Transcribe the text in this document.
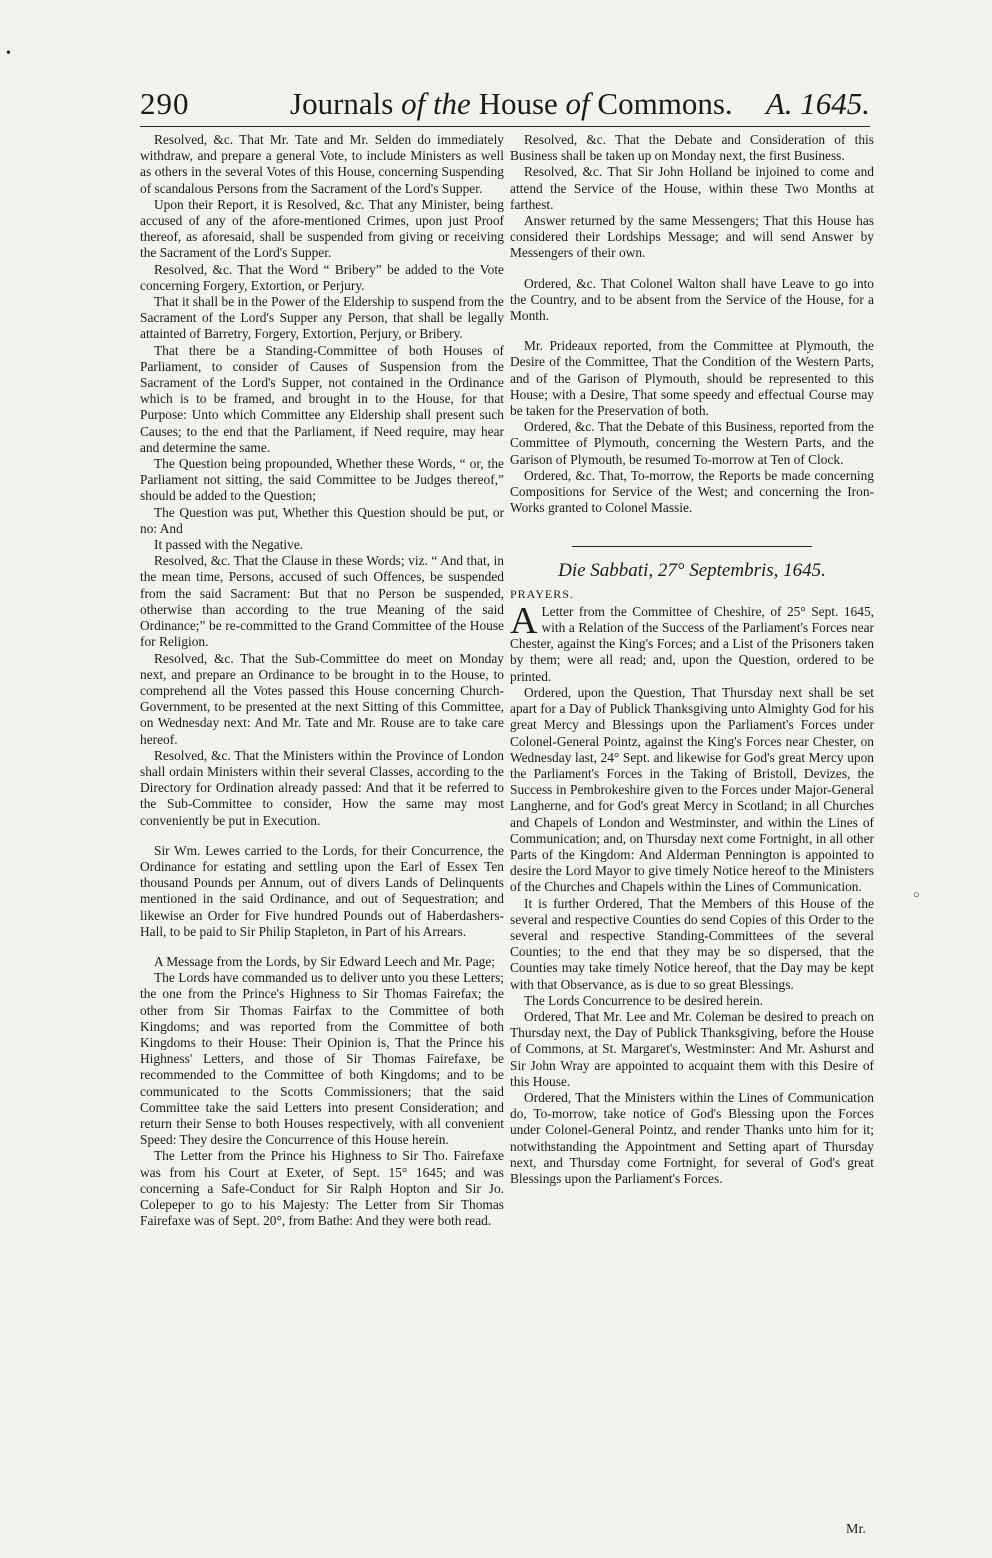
•
290	Journals of the House of Commons. A. 1645.

Resolved, &c. That Mr. Tate and Mr. Selden do immediately withdraw, and prepare a general Vote, to include Ministers as well as others in the several Votes of this House, concerning Suspending of scandalous Persons from the Sacrament of the Lord's Supper.

Upon their Report, it is Resolved, &c. That any Minister, being accused of any of the afore-mentioned Crimes, upon just Proof thereof, as aforesaid, shall be suspended from giving or receiving the Sacrament of the Lord's Supper.

Resolved, &c. That the Word “ Bribery” be added to the Vote concerning Forgery, Extortion, or Perjury.

That it shall be in the Power of the Eldership to suspend from the Sacrament of the Lord's Supper any Person, that shall be legally attainted of Barretry, Forgery, Extortion, Perjury, or Bribery.

That there be a Standing-Committee of both Houses of Parliament, to consider of Causes of Suspension from the Sacrament of the Lord's Supper, not contained in the Ordinance which is to be framed, and brought in to the House, for that Purpose: Unto which Committee any Eldership shall present such Causes; to the end that the Parliament, if Need require, may hear and determine the same.

The Question being propounded, Whether these Words, “ or, the Parliament not sitting, the said Committee to be Judges thereof,” should be added to the Question;

The Question was put, Whether this Question should be put, or no: And

It passed with the Negative.

Resolved, &c. That the Clause in these Words; viz. “ And that, in the mean time, Persons, accused of such Offences, be suspended from the said Sacrament: But that no Person be suspended, otherwise than according to the true Meaning of the said Ordinance;” be re-committed to the Grand Committee of the House for Religion.

Resolved, &c. That the Sub-Committee do meet on Monday next, and prepare an Ordinance to be brought in to the House, to comprehend all the Votes passed this House concerning Church-Government, to be presented at the next Sitting of this Committee, on Wednesday next: And Mr. Tate and Mr. Rouse are to take care hereof.

Resolved, &c. That the Ministers within the Province of London shall ordain Ministers within their several Classes, according to the Directory for Ordination already passed: And that it be referred to the Sub-Committee to consider, How the same may most conveniently be put in Execution.

Sir Wm. Lewes carried to the Lords, for their Concurrence, the Ordinance for estating and settling upon the Earl of Essex Ten thousand Pounds per Annum, out of divers Lands of Delinquents mentioned in the said Ordinance, and out of Sequestration; and likewise an Order for Five hundred Pounds out of Haberdashers-Hall, to be paid to Sir Philip Stapleton, in Part of his Arrears.

A Message from the Lords, by Sir Edward Leech and Mr. Page;

The Lords have commanded us to deliver unto you these Letters; the one from the Prince's Highness to Sir Thomas Fairefax; the other from Sir Thomas Fairfax to the Committee of both Kingdoms; and was reported from the Committee of both Kingdoms to their House: Their Opinion is, That the Prince his Highness' Letters, and those of Sir Thomas Fairefaxe, be recommended to the Committee of both Kingdoms; and to be communicated to the Scotts Commissioners; that the said Committee take the said Letters into present Consideration; and return their Sense to both Houses respectively, with all convenient Speed: They desire the Concurrence of this House herein.

The Letter from the Prince his Highness to Sir Tho. Fairefaxe was from his Court at Exeter, of Sept. 15° 1645; and was concerning a Safe-Conduct for Sir Ralph Hopton and Sir Jo. Colepeper to go to his Majesty: The Letter from Sir Thomas Fairefaxe was of Sept. 20°, from Bathe: And they were both read.

Resolved, &c. That the Debate and Consideration of this Business shall be taken up on Monday next, the first Business.

Resolved, &c. That Sir John Holland be injoined to come and attend the Service of the House, within these Two Months at farthest.

Answer returned by the same Messengers; That this House has considered their Lordships Message; and will send Answer by Messengers of their own.

Ordered, &c. That Colonel Walton shall have Leave to go into the Country, and to be absent from the Service of the House, for a Month.

Mr. Prideaux reported, from the Committee at Plymouth, the Desire of the Committee, That the Condition of the Western Parts, and of the Garison of Plymouth, should be represented to this House; with a Desire, That some speedy and effectual Course may be taken for the Preservation of both.

Ordered, &c. That the Debate of this Business, reported from the Committee of Plymouth, concerning the Western Parts, and the Garison of Plymouth, be resumed To-morrow at Ten of Clock.

Ordered, &c. That, To-morrow, the Reports be made concerning Compositions for Service of the West; and concerning the Iron-Works granted to Colonel Massie.

Die Sabbati, 27° Septembris, 1645.
PRAYERS.

A Letter from the Committee of Cheshire, of 25° Sept. 1645, with a Relation of the Success of the Parliament's Forces near Chester, against the King's Forces; and a List of the Prisoners taken by them; were all read; and, upon the Question, ordered to be printed.

Ordered, upon the Question, That Thursday next shall be set apart for a Day of Publick Thanksgiving unto Almighty God for his great Mercy and Blessings upon the Parliament's Forces under Colonel-General Pointz, against the King's Forces near Chester, on Wednesday last, 24° Sept. and likewise for God's great Mercy upon the Parliament's Forces in the Taking of Bristoll, Devizes, the Success in Pembrokeshire given to the Forces under Major-General Langherne, and for God's great Mercy in Scotland; in all Churches and Chapels of London and Westminster, and within the Lines of Communication; and, on Thursday next come Fortnight, in all other Parts of the Kingdom: And Alderman Pennington is appointed to desire the Lord Mayor to give timely Notice hereof to the Ministers of the Churches and Chapels within the Lines of Communication.

It is further Ordered, That the Members of this House of the several and respective Counties do send Copies of this Order to the several and respective Standing-Committees of the several Counties; to the end that they may be so dispersed, that the Counties may take timely Notice hereof, that the Day may be kept with that Observance, as is due to so great Blessings.

The Lords Concurrence to be desired herein.

Ordered, That Mr. Lee and Mr. Coleman be desired to preach on Thursday next, the Day of Publick Thanksgiving, before the House of Commons, at St. Margaret's, Westminster: And Mr. Ashurst and Sir John Wray are appointed to acquaint them with this Desire of this House.

Ordered, That the Ministers within the Lines of Communication do, To-morrow, take notice of God's Blessing upon the Forces under Colonel-General Pointz, and render Thanks unto him for it; notwithstanding the Appointment and Setting apart of Thursday next, and Thursday come Fortnight, for several of God's great Blessings upon the Parliament's Forces.

○
Mr.
